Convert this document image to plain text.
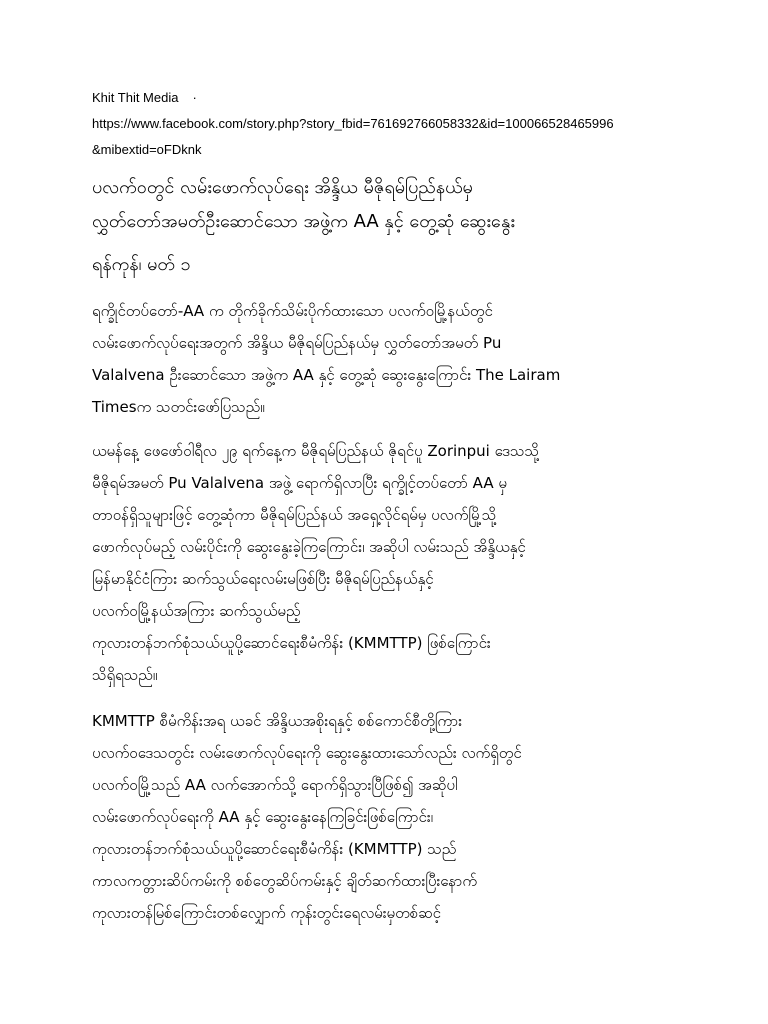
Khit Thit Media ·
https://www.facebook.com/story.php?story_fbid=761692766058332&id=100066528465996
&mibextid=oFDknk
ပလက်ဝတွင် လမ်းဖောက်လုပ်ရေး အိန္ဒိယ မီဇိုရမ်ပြည်နယ်မှ
လွှတ်တော်အမတ်ဦးဆောင်သော အဖွဲ့က AA နှင့် တွေ့ဆုံ ဆွေးနွေး
ရန်ကုန်၊ မတ် ၁
ရက္ခိုင်တပ်တော်-AA က တိုက်ခိုက်သိမ်းပိုက်ထားသော ပလက်ဝမြို့နယ်တွင်
လမ်းဖောက်လုပ်ရေးအတွက် အိန္ဒိယ မီဇိုရမ်ပြည်နယ်မှ လွှတ်တော်အမတ် Pu
Valalvena ဦးဆောင်သော အဖွဲ့က AA နှင့် တွေ့ဆုံ ဆွေးနွေးကြောင်း The Lairam
Timesက သတင်းဖော်ပြသည်။
ယမန်နေ့ ဖေဖော်ဝါရီလ ၂၉ ရက်နေ့က မီဇိုရမ်ပြည်နယ် ဇိုရင်ပူ Zorinpui ဒေသသို့
မီဇိုရမ်အမတ် Pu Valalvena အဖွဲ့ ရောက်ရှိလာပြီး ရက္ခိုင့်တပ်တော် AA မှ
တာဝန်ရှိသူများဖြင့် တွေ့ဆုံကာ မီဇိုရမ်ပြည်နယ် အရှေ့လိုင်ရမ်မှ ပလက်မြို့သို့
ဖောက်လုပ်မည့် လမ်းပိုင်းကို ဆွေးနွေးခဲ့ကြကြောင်း၊ အဆိုပါ လမ်းသည် အိန္ဒိယနှင့်
မြန်မာနိုင်ငံကြား ဆက်သွယ်ရေးလမ်းမဖြစ်ပြီး မီဇိုရမ်ပြည်နယ်နှင့်
ပလက်ဝမြို့နယ်အကြား ဆက်သွယ်မည့်
ကုလားတန်ဘက်စုံသယ်ယူပို့ဆောင်ရေးစီမံကိန်း (KMMTTP) ဖြစ်ကြောင်း
သိရှိရသည်။
KMMTTP စီမံကိန်းအရ ယခင် အိန္ဒိယအစိုးရနှင့် စစ်ကောင်စီတို့ကြား
ပလက်ဝဒေသတွင်း လမ်းဖောက်လုပ်ရေးကို ဆွေးနွေးထားသော်လည်း လက်ရှိတွင်
ပလက်ဝမြို့သည် AA လက်အောက်သို့ ရောက်ရှိသွားပြီဖြစ်၍ အဆိုပါ
လမ်းဖောက်လုပ်ရေးကို AA နှင့် ဆွေးနွေးနေကြခြင်းဖြစ်ကြောင်း၊
ကုလားတန်ဘက်စုံသယ်ယူပို့ဆောင်ရေးစီမံကိန်း (KMMTTP) သည်
ကာလကတ္တားဆိပ်ကမ်းကို စစ်တွေဆိပ်ကမ်းနှင့် ချိတ်ဆက်ထားပြီးနောက်
ကုလားတန်မြစ်ကြောင်းတစ်လျှောက် ကုန်းတွင်းရေလမ်းမှတစ်ဆင့်
